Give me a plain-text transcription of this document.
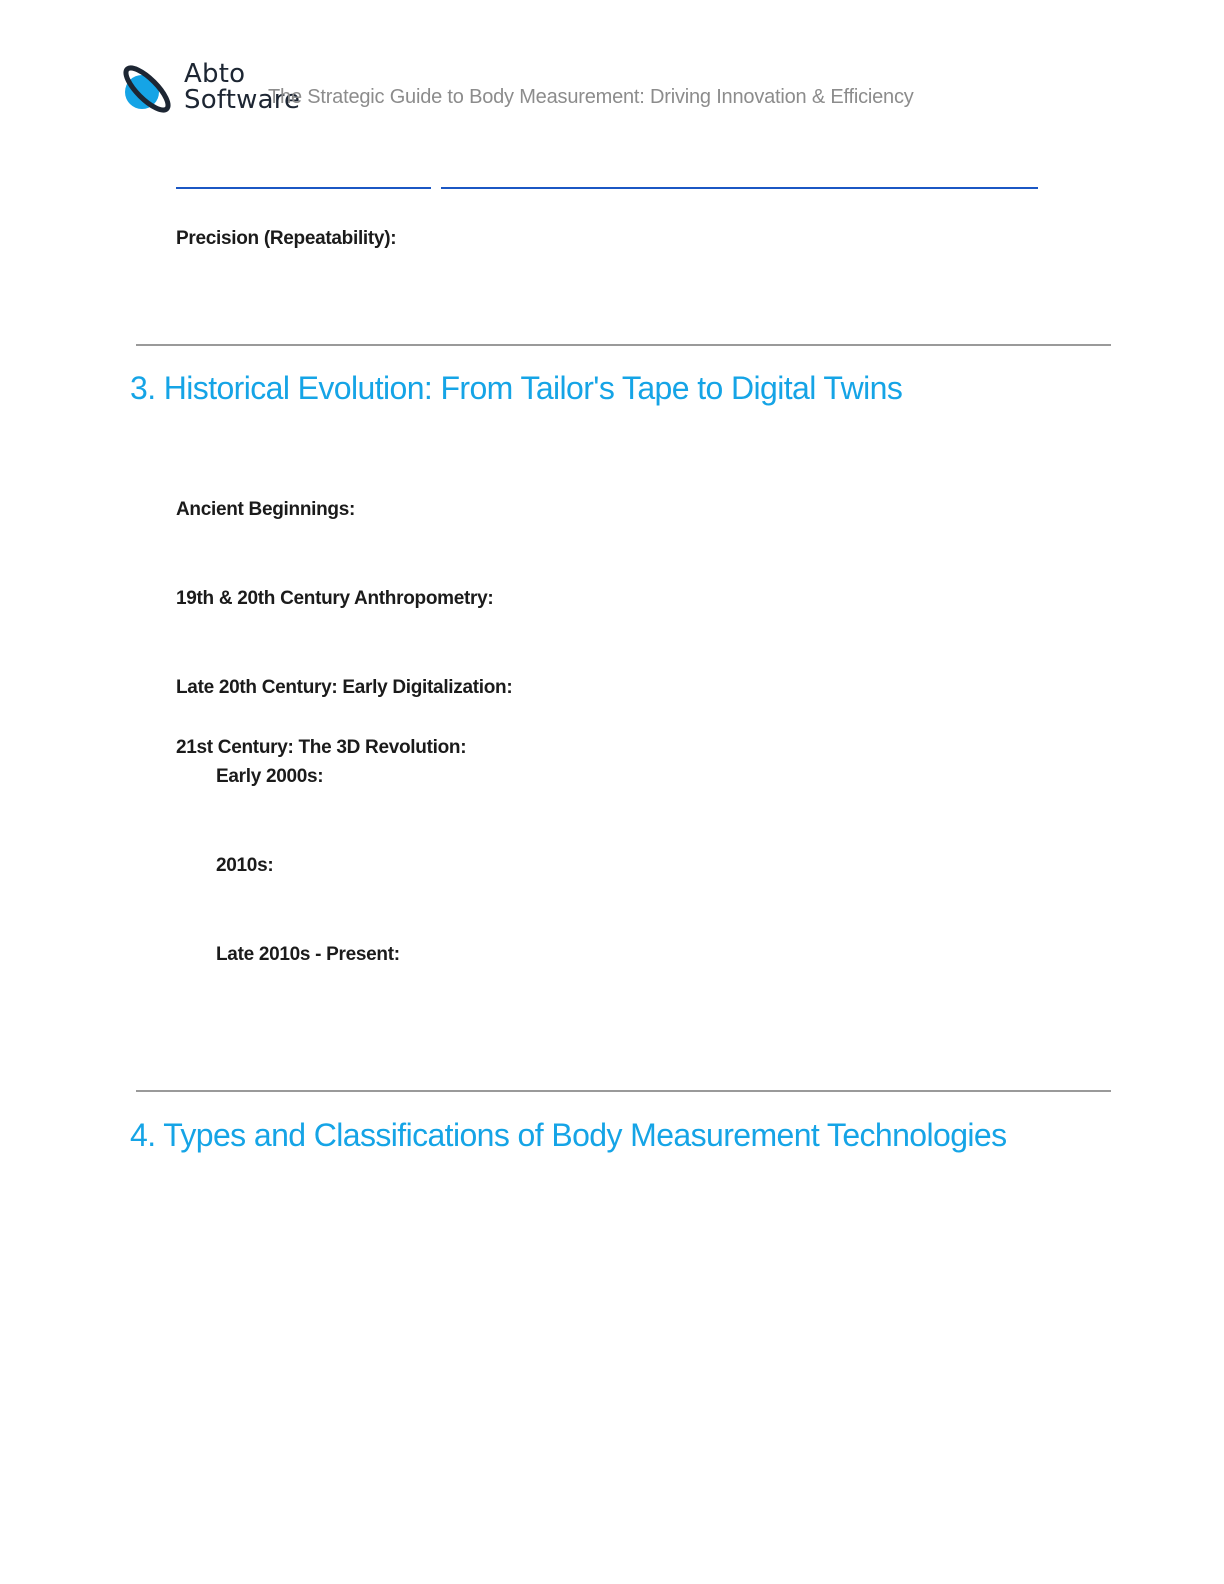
Abto
Software
The Strategic Guide to Body Measurement: Driving Innovation & Efficiency
Precision (Repeatability):
3. Historical Evolution: From Tailor's Tape to Digital Twins
Ancient Beginnings:
19th & 20th Century Anthropometry:
Late 20th Century: Early Digitalization:
21st Century: The 3D Revolution:
Early 2000s:
2010s:
Late 2010s - Present:
4. Types and Classifications of Body Measurement Technologies
